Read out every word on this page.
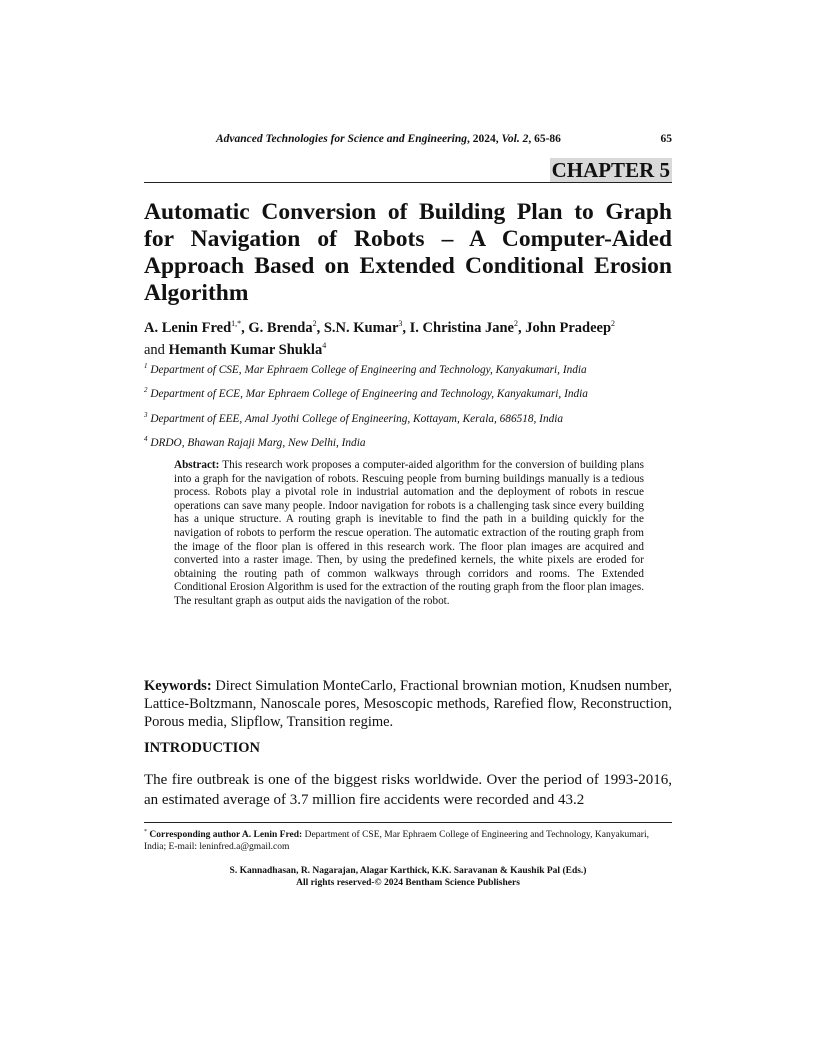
Advanced Technologies for Science and Engineering, 2024, Vol. 2, 65-86	65
CHAPTER 5
Automatic Conversion of Building Plan to Graph for Navigation of Robots – A Computer-Aided Approach Based on Extended Conditional Erosion Algorithm
A. Lenin Fred$^{1,*}$, G. Brenda$^2$, S.N. Kumar$^3$, I. Christina Jane$^2$, John Pradeep$^2$
and Hemanth Kumar Shukla$^4$
$^1$ Department of CSE, Mar Ephraem College of Engineering and Technology, Kanyakumari, India
$^2$ Department of ECE, Mar Ephraem College of Engineering and Technology, Kanyakumari, India
$^3$ Department of EEE, Amal Jyothi College of Engineering, Kottayam, Kerala, 686518, India
$^4$ DRDO, Bhawan Rajaji Marg, New Delhi, India
Abstract: This research work proposes a computer-aided algorithm for the conversion of building plans into a graph for the navigation of robots. Rescuing people from burning buildings manually is a tedious process. Robots play a pivotal role in industrial automation and the deployment of robots in rescue operations can save many people. Indoor navigation for robots is a challenging task since every building has a unique structure. A routing graph is inevitable to find the path in a building quickly for the navigation of robots to perform the rescue operation. The automatic extraction of the routing graph from the image of the floor plan is offered in this research work. The floor plan images are acquired and converted into a raster image. Then, by using the predefined kernels, the white pixels are eroded for obtaining the routing path of common walkways through corridors and rooms. The Extended Conditional Erosion Algorithm is used for the extraction of the routing graph from the floor plan images. The resultant graph as output aids the navigation of the robot.
Keywords: Direct Simulation MonteCarlo, Fractional brownian motion, Knudsen number, Lattice-Boltzmann, Nanoscale pores, Mesoscopic methods, Rarefied flow, Reconstruction, Porous media, Slipflow, Transition regime.
INTRODUCTION
The fire outbreak is one of the biggest risks worldwide. Over the period of 1993-2016, an estimated average of 3.7 million fire accidents were recorded and 43.2
* Corresponding author A. Lenin Fred: Department of CSE, Mar Ephraem College of Engineering and Technology, Kanyakumari, India; E-mail: leninfred.a@gmail.com
S. Kannadhasan, R. Nagarajan, Alagar Karthick, K.K. Saravanan & Kaushik Pal (Eds.)
All rights reserved-© 2024 Bentham Science Publishers
